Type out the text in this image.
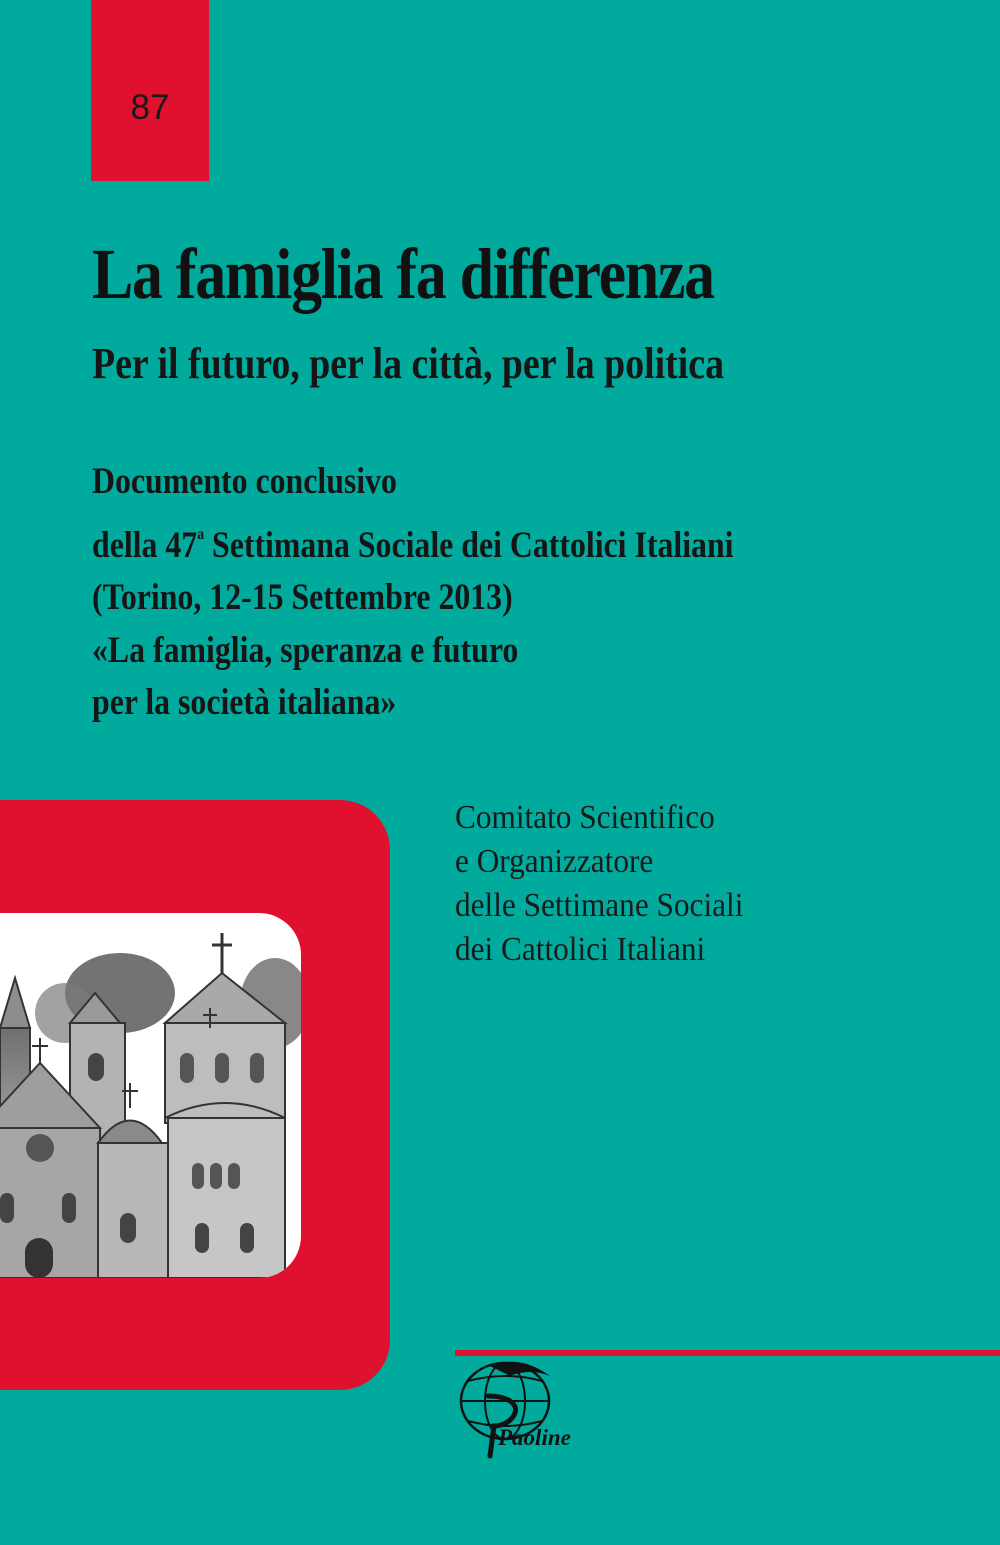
87
La famiglia fa differenza
Per il futuro, per la città, per la politica
Documento conclusivo
della 47$^a$ Settimana Sociale dei Cattolici Italiani
(Torino, 12-15 Settembre 2013)
«La famiglia, speranza e futuro
per la società italiana»
Comitato Scientifico
e Organizzatore
delle Settimane Sociali
dei Cattolici Italiani
Paoline
